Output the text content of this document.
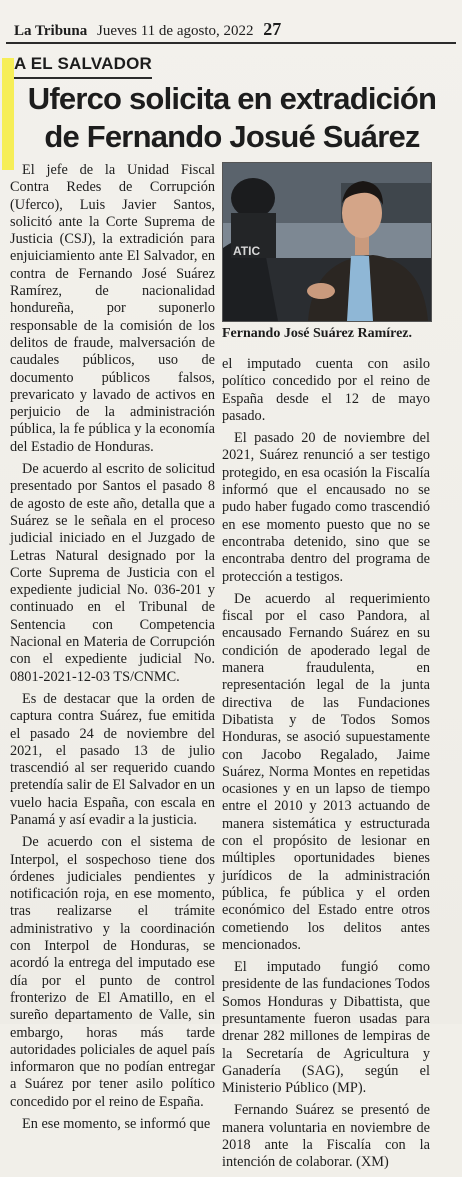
La Tribuna Jueves 11 de agosto, 2022 27
A EL SALVADOR
Uferco solicita en extradición
de Fernando Josué Suárez

El jefe de la Unidad Fiscal Contra Redes de Corrupción (Uferco), Luis Javier Santos, solicitó ante la Corte Suprema de Justicia (CSJ), la extradición para enjuiciamiento ante El Salvador, en contra de Fernando José Suárez Ramírez, de nacionalidad hondureña, por suponerlo responsable de la comisión de los delitos de fraude, malversación de caudales públicos, uso de documento públicos falsos, prevaricato y lavado de activos en perjuicio de la administración pública, la fe pública y la economía del Estadio de Honduras.

De acuerdo al escrito de solicitud presentado por Santos el pasado 8 de agosto de este año, detalla que a Suárez se le señala en el proceso judicial iniciado en el Juzgado de Letras Natural designado por la Corte Suprema de Justicia con el expediente judicial No. 036-201 y continuado en el Tribunal de Sentencia con Competencia Nacional en Materia de Corrupción con el expediente judicial No. 0801-2021-12-03 TS/CNMC.

Es de destacar que la orden de captura contra Suárez, fue emitida el pasado 24 de noviembre del 2021, el pasado 13 de julio trascendió al ser requerido cuando pretendía salir de El Salvador en un vuelo hacia España, con escala en Panamá y así evadir a la justicia.

De acuerdo con el sistema de Interpol, el sospechoso tiene dos órdenes judiciales pendientes y notificación roja, en ese momento, tras realizarse el trámite administrativo y la coordinación con Interpol de Honduras, se acordó la entrega del imputado ese día por el punto de control fronterizo de El Amatillo, en el sureño departamento de Valle, sin embargo, horas más tarde autoridades policiales de aquel país informaron que no podían entregar a Suárez por tener asilo político concedido por el reino de España.

En ese momento, se informó que

ATIC
Fernando José Suárez Ramírez.

el imputado cuenta con asilo político concedido por el reino de España desde el 12 de mayo pasado.

El pasado 20 de noviembre del 2021, Suárez renunció a ser testigo protegido, en esa ocasión la Fiscalía informó que el encausado no se pudo haber fugado como trascendió en ese momento puesto que no se encontraba detenido, sino que se encontraba dentro del programa de protección a testigos.

De acuerdo al requerimiento fiscal por el caso Pandora, al encausado Fernando Suárez en su condición de apoderado legal de manera fraudulenta, en representación legal de la junta directiva de las Fundaciones Dibatista y de Todos Somos Honduras, se asoció supuestamente con Jacobo Regalado, Jaime Suárez, Norma Montes en repetidas ocasiones y en un lapso de tiempo entre el 2010 y 2013 actuando de manera sistemática y estructurada con el propósito de lesionar en múltiples oportunidades bienes jurídicos de la administración pública, fe pública y el orden económico del Estado entre otros cometiendo los delitos antes mencionados.

El imputado fungió como presidente de las fundaciones Todos Somos Honduras y Dibattista, que presuntamente fueron usadas para drenar 282 millones de lempiras de la Secretaría de Agricultura y Ganadería (SAG), según el Ministerio Público (MP).

Fernando Suárez se presentó de manera voluntaria en noviembre de 2018 ante la Fiscalía con la intención de colaborar. (XM)
